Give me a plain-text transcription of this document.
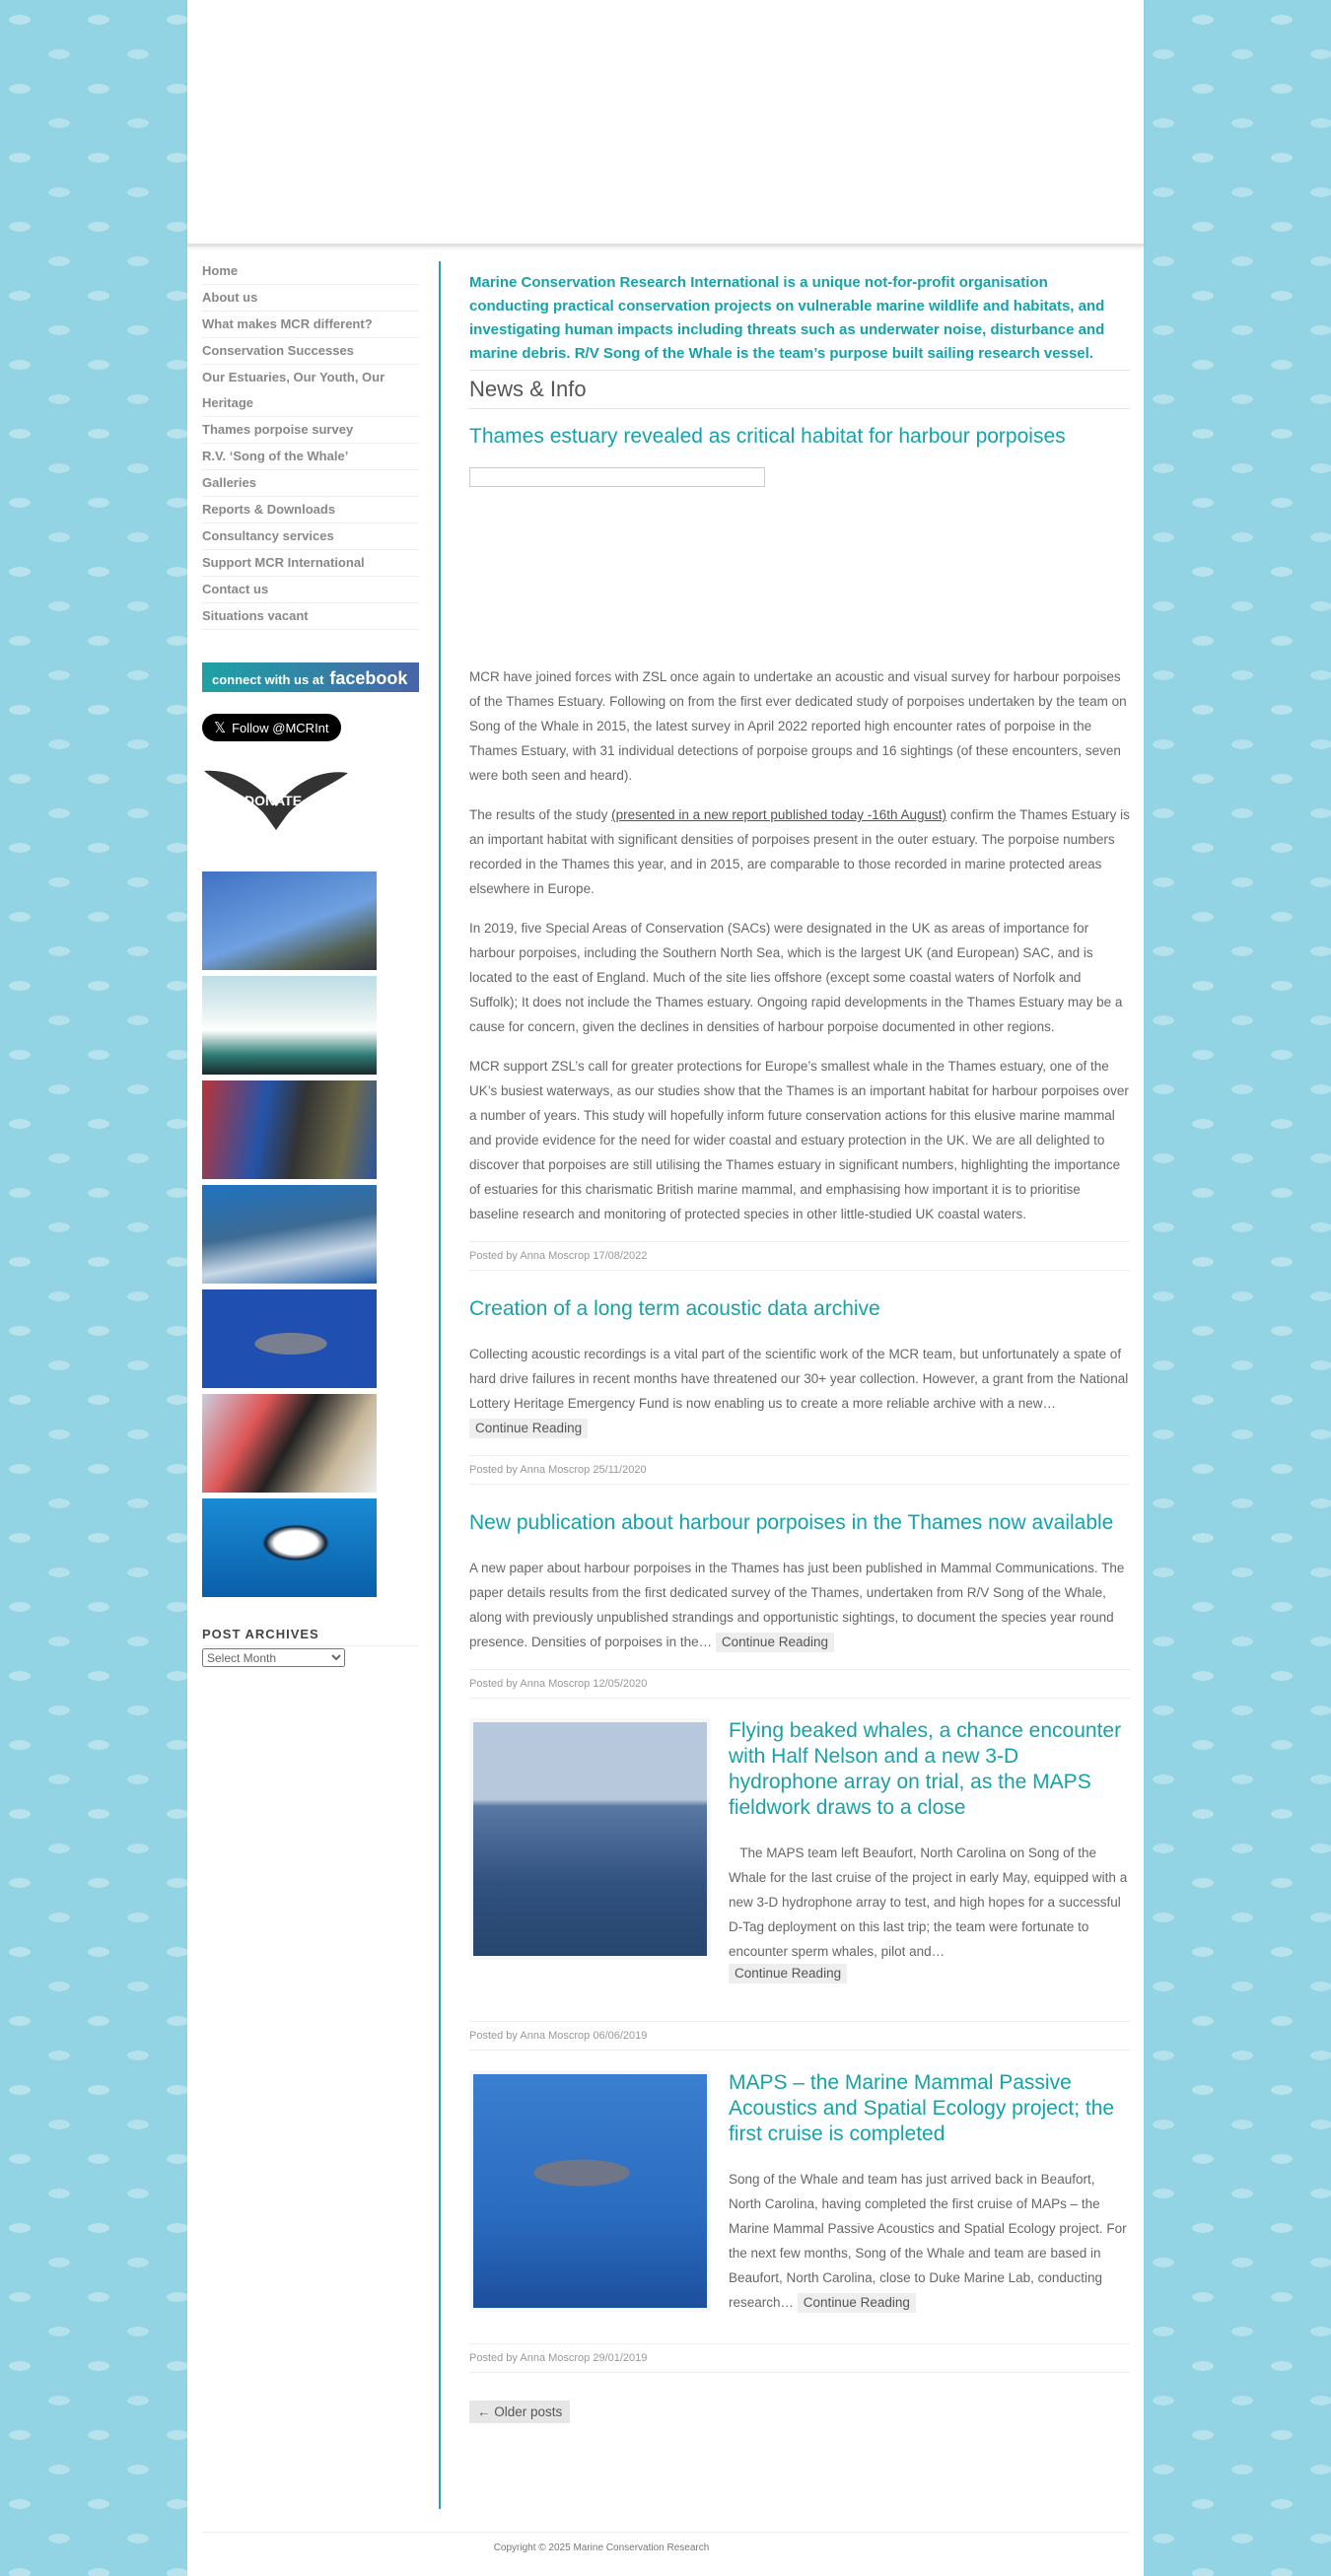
Home
About us
What makes MCR different?
Conservation Successes
Our Estuaries, Our Youth, Our Heritage
Thames porpoise survey
R.V. ‘Song of the Whale’
Galleries
Reports & Downloads
Consultancy services
Support MCR International
Contact us
Situations vacant
connect with us at facebook
𝕏 Follow @MCRInt
DONATE
POST ARCHIVES
Select Month
Marine Conservation Research International is a unique not-for-profit organisation conducting practical conservation projects on vulnerable marine wildlife and habitats, and investigating human impacts including threats such as underwater noise, disturbance and marine debris. R/V Song of the Whale is the team’s purpose built sailing research vessel.
News & Info
Thames estuary revealed as critical habitat for harbour porpoises

MCR have joined forces with ZSL once again to undertake an acoustic and visual survey for harbour porpoises of the Thames Estuary. Following on from the first ever dedicated study of porpoises undertaken by the team on Song of the Whale in 2015, the latest survey in April 2022 reported high encounter rates of porpoise in the Thames Estuary, with 31 individual detections of porpoise groups and 16 sightings (of these encounters, seven were both seen and heard).

The results of the study (presented in a new report published today -16th August) confirm the Thames Estuary is an important habitat with significant densities of porpoises present in the outer estuary. The porpoise numbers recorded in the Thames this year, and in 2015, are comparable to those recorded in marine protected areas elsewhere in Europe.

In 2019, five Special Areas of Conservation (SACs) were designated in the UK as areas of importance for harbour porpoises, including the Southern North Sea, which is the largest UK (and European) SAC, and is located to the east of England. Much of the site lies offshore (except some coastal waters of Norfolk and Suffolk); It does not include the Thames estuary. Ongoing rapid developments in the Thames Estuary may be a cause for concern, given the declines in densities of harbour porpoise documented in other regions.

MCR support ZSL’s call for greater protections for Europe’s smallest whale in the Thames estuary, one of the UK’s busiest waterways, as our studies show that the Thames is an important habitat for harbour porpoises over a number of years. This study will hopefully inform future conservation actions for this elusive marine mammal and provide evidence for the need for wider coastal and estuary protection in the UK. We are all delighted to discover that porpoises are still utilising the Thames estuary in significant numbers, highlighting the importance of estuaries for this charismatic British marine mammal, and emphasising how important it is to prioritise baseline research and monitoring of protected species in other little-studied UK coastal waters.

Posted by Anna Moscrop 17/08/2022
Creation of a long term acoustic data archive

Collecting acoustic recordings is a vital part of the scientific work of the MCR team, but unfortunately a spate of hard drive failures in recent months have threatened our 30+ year collection. However, a grant from the National Lottery Heritage Emergency Fund is now enabling us to create a more reliable archive with a new… Continue Reading

Posted by Anna Moscrop 25/11/2020
New publication about harbour porpoises in the Thames now available

A new paper about harbour porpoises in the Thames has just been published in Mammal Communications. The paper details results from the first dedicated survey of the Thames, undertaken from R/V Song of the Whale, along with previously unpublished strandings and opportunistic sightings, to document the species year round presence. Densities of porpoises in the… Continue Reading

Posted by Anna Moscrop 12/05/2020
Flying beaked whales, a chance encounter with Half Nelson and a new 3-D hydrophone array on trial, as the MAPS fieldwork draws to a close

The MAPS team left Beaufort, North Carolina on Song of the Whale for the last cruise of the project in early May, equipped with a new 3-D hydrophone array to test, and high hopes for a successful D-Tag deployment on this last trip; the team were fortunate to encounter sperm whales, pilot and…

Continue Reading
Posted by Anna Moscrop 06/06/2019
MAPS – the Marine Mammal Passive Acoustics and Spatial Ecology project; the first cruise is completed

Song of the Whale and team has just arrived back in Beaufort, North Carolina, having completed the first cruise of MAPs – the Marine Mammal Passive Acoustics and Spatial Ecology project. For the next few months, Song of the Whale and team are based in Beaufort, North Carolina, close to Duke Marine Lab, conducting research… Continue Reading

Posted by Anna Moscrop 29/01/2019
← Older posts
Copyright © 2025 Marine Conservation Research
